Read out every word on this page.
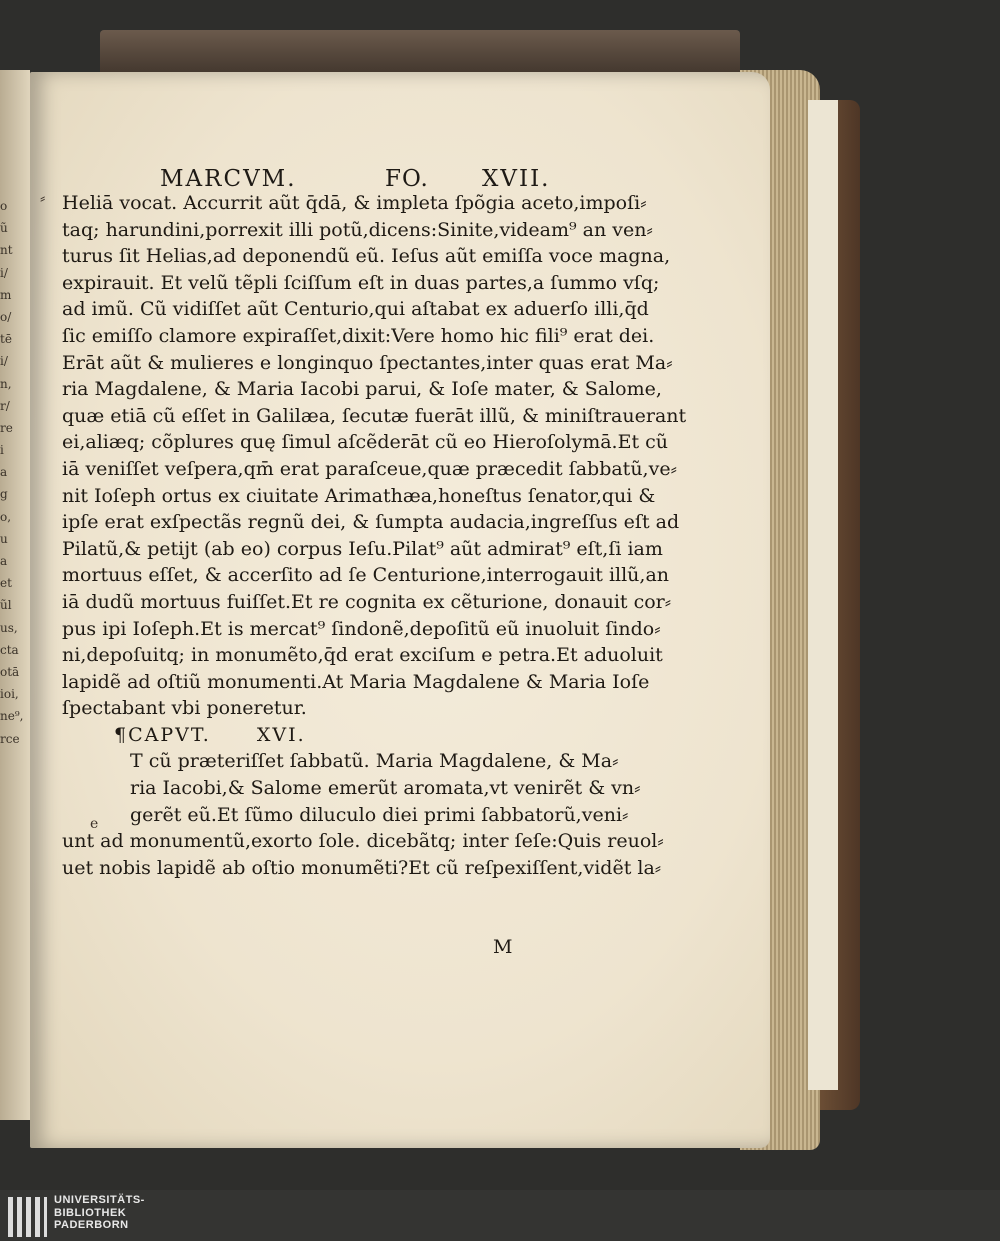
o
ũ
nt
i/
m
o/
tē
i/
n,
r/
re
i
a
g
o,
u
a
et
ũl
us,
cta
otā
ioi,
ne⁹,
rce
MARCVM.	FO. XVII.
⸗ Heliā vocat. Accurrit aũt q̄dā, & impleta ſpõgia aceto,impoſi⸗
taq; harundini,porrexit illi potũ,dicens:Sinite,videam⁹ an ven⸗
turus ſit Helias,ad deponendũ eũ. Ieſus aũt emiſſa voce magna,
expirauit. Et velũ tẽpli ſciſſum eſt in duas partes,a ſummo vſq;
ad imũ. Cũ vidiſſet aũt Centurio,qui aſtabat ex aduerſo illi,q̄d
ſic emiſſo clamore expiraſſet,dixit:Vere homo hic fili⁹ erat dei.
Erāt aũt & mulieres e longinquo ſpectantes,inter quas erat Ma⸗
ria Magdalene, & Maria Iacobi parui, & Ioſe mater, & Salome,
quæ etiā cũ eſſet in Galilæa, ſecutæ fuerāt illũ, & miniſtrauerant
ei,aliæq; cõplures quę ſimul aſcẽderāt cũ eo Hieroſolymā.Et cũ
iā veniſſet veſpera,qm̄ erat paraſceue,quæ præcedit ſabbatũ,ve⸗
nit Ioſeph ortus ex ciuitate Arimathæa,honeſtus ſenator,qui &
ipſe erat exſpectãs regnũ dei, & ſumpta audacia,ingreſſus eſt ad
Pilatũ,& petijt (ab eo) corpus Ieſu.Pilat⁹ aũt admirat⁹ eſt,ſi iam
mortuus eſſet, & accerſito ad ſe Centurione,interrogauit illũ,an
iā dudũ mortuus fuiſſet.Et re cognita ex cẽturione, donauit cor⸗
pus ipi Ioſeph.Et is mercat⁹ ſindonẽ,depoſitũ eũ inuoluit ſindo⸗
ni,depoſuitq; in monumẽto,q̄d erat exciſum e petra.Et aduoluit
lapidẽ ad oſtiũ monumenti.At Maria Magdalene & Maria Ioſe
ſpectabant vbi poneretur.
¶CAPVT. XVI.
T cũ præteriſſet ſabbatũ. Maria Magdalene, & Ma⸗
ria Iacobi,& Salome emerũt aromata,vt venirẽt & vn⸗
gerẽt eũ.Et ſũmo diluculo diei primi ſabbatorũ,veni⸗
unt ad monumentũ,exorto ſole. dicebãtq; inter ſeſe:Quis reuol⸗
uet nobis lapidẽ ab oſtio monumẽti?Et cũ reſpexiſſent,vidẽt la⸗
e
M
UNIVERSITÄTS-
BIBLIOTHEK
PADERBORN
